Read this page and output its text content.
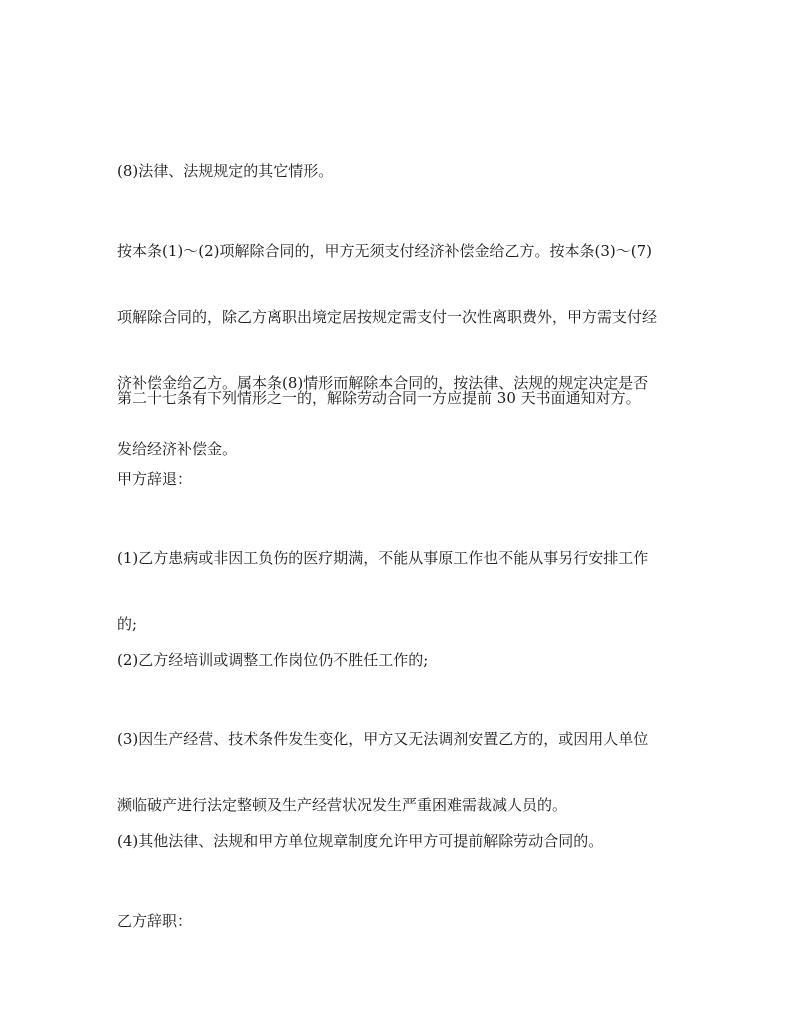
(8)法律、法规规定的其它情形。

按本条(1)～(2)项解除合同的，甲方无须支付经济补偿金给乙方。按本条(3)～(7)

项解除合同的，除乙方离职出境定居按规定需支付一次性离职费外，甲方需支付经

济补偿金给乙方。属本条(8)情形而解除本合同的，按法律、法规的规定决定是否

发给经济补偿金。

第二十七条有下列情形之一的，解除劳动合同一方应提前 30 天书面通知对方。

甲方辞退：

(1)乙方患病或非因工负伤的医疗期满，不能从事原工作也不能从事另行安排工作

的;

(2)乙方经培训或调整工作岗位仍不胜任工作的;

(3)因生产经营、技术条件发生变化，甲方又无法调剂安置乙方的，或因用人单位

濒临破产进行法定整顿及生产经营状况发生严重困难需裁减人员的。

(4)其他法律、法规和甲方单位规章制度允许甲方可提前解除劳动合同的。

乙方辞职：
